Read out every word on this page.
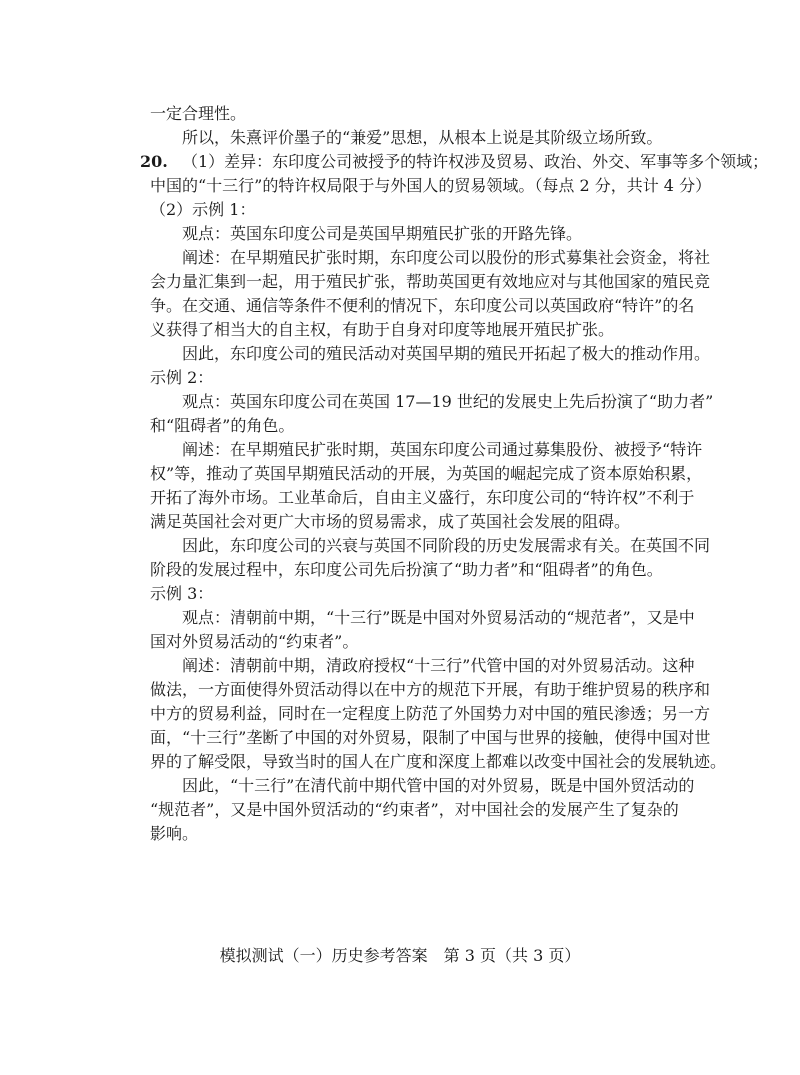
20.
一定合理性。
所以，朱熹评价墨子的“兼爱”思想，从根本上说是其阶级立场所致。
（1）差异：东印度公司被授予的特许权涉及贸易、政治、外交、军事等多个领域；
中国的“十三行”的特许权局限于与外国人的贸易领域。（每点 2 分，共计 4 分）
（2）示例 1：
观点：英国东印度公司是英国早期殖民扩张的开路先锋。
阐述：在早期殖民扩张时期，东印度公司以股份的形式募集社会资金，将社
会力量汇集到一起，用于殖民扩张，帮助英国更有效地应对与其他国家的殖民竞
争。在交通、通信等条件不便利的情况下，东印度公司以英国政府“特许”的名
义获得了相当大的自主权，有助于自身对印度等地展开殖民扩张。
因此，东印度公司的殖民活动对英国早期的殖民开拓起了极大的推动作用。
示例 2：
观点：英国东印度公司在英国 17—19 世纪的发展史上先后扮演了“助力者”
和“阻碍者”的角色。
阐述：在早期殖民扩张时期，英国东印度公司通过募集股份、被授予“特许
权”等，推动了英国早期殖民活动的开展，为英国的崛起完成了资本原始积累，
开拓了海外市场。工业革命后，自由主义盛行，东印度公司的“特许权”不利于
满足英国社会对更广大市场的贸易需求，成了英国社会发展的阻碍。
因此，东印度公司的兴衰与英国不同阶段的历史发展需求有关。在英国不同
阶段的发展过程中，东印度公司先后扮演了“助力者”和“阻碍者”的角色。
示例 3：
观点：清朝前中期，“十三行”既是中国对外贸易活动的“规范者”，又是中
国对外贸易活动的“约束者”。
阐述：清朝前中期，清政府授权“十三行”代管中国的对外贸易活动。这种
做法，一方面使得外贸活动得以在中方的规范下开展，有助于维护贸易的秩序和
中方的贸易利益，同时在一定程度上防范了外国势力对中国的殖民渗透；另一方
面，“十三行”垄断了中国的对外贸易，限制了中国与世界的接触，使得中国对世
界的了解受限，导致当时的国人在广度和深度上都难以改变中国社会的发展轨迹。
因此，“十三行”在清代前中期代管中国的对外贸易，既是中国外贸活动的
“规范者”，又是中国外贸活动的“约束者”，对中国社会的发展产生了复杂的
影响。
模拟测试（一）历史参考答案　第 3 页（共 3 页）
